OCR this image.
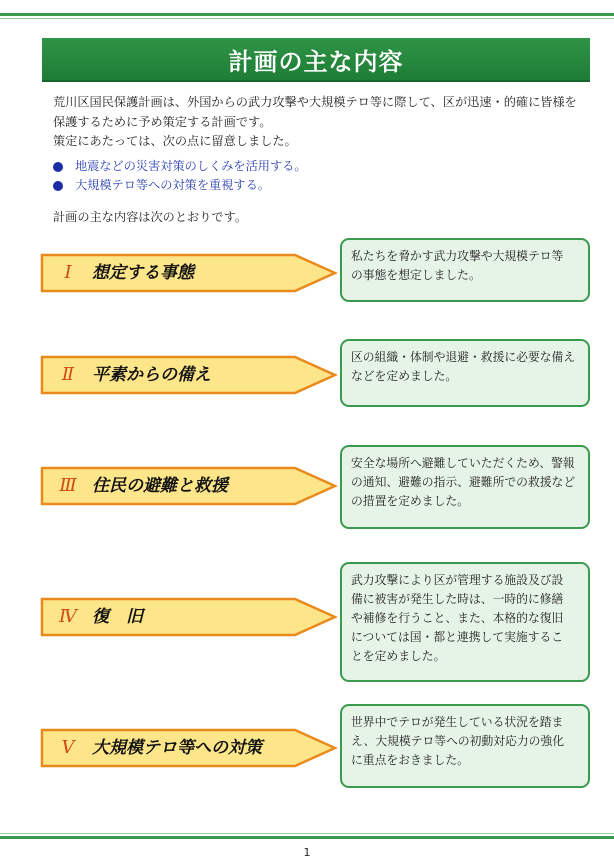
計画の主な内容

荒川区国民保護計画は、外国からの武力攻撃や大規模テロ等に際して、区が迅速・的確に皆様を
保護するために予め策定する計画です。
策定にあたっては、次の点に留意しました。

地震などの災害対策のしくみを活用する。
大規模テロ等への対策を重視する。

計画の主な内容は次のとおりです。

Ⅰ	想定する事態
私たちを脅かす武力攻撃や大規模テロ等
の事態を想定しました。
Ⅱ	平素からの備え
区の組織・体制や退避・救援に必要な備え
などを定めました。
Ⅲ 住民の避難と救援
安全な場所へ避難していただくため、警報
の通知、避難の指示、避難所での救援など
の措置を定めました。
Ⅳ 復　旧
武力攻撃により区が管理する施設及び設
備に被害が発生した時は、一時的に修繕
や補修を行うこと、また、本格的な復旧
については国・都と連携して実施するこ
とを定めました。
Ⅴ	大規模テロ等への対策
世界中でテロが発生している状況を踏ま
え、大規模テロ等への初動対応力の強化
に重点をおきました。
1
